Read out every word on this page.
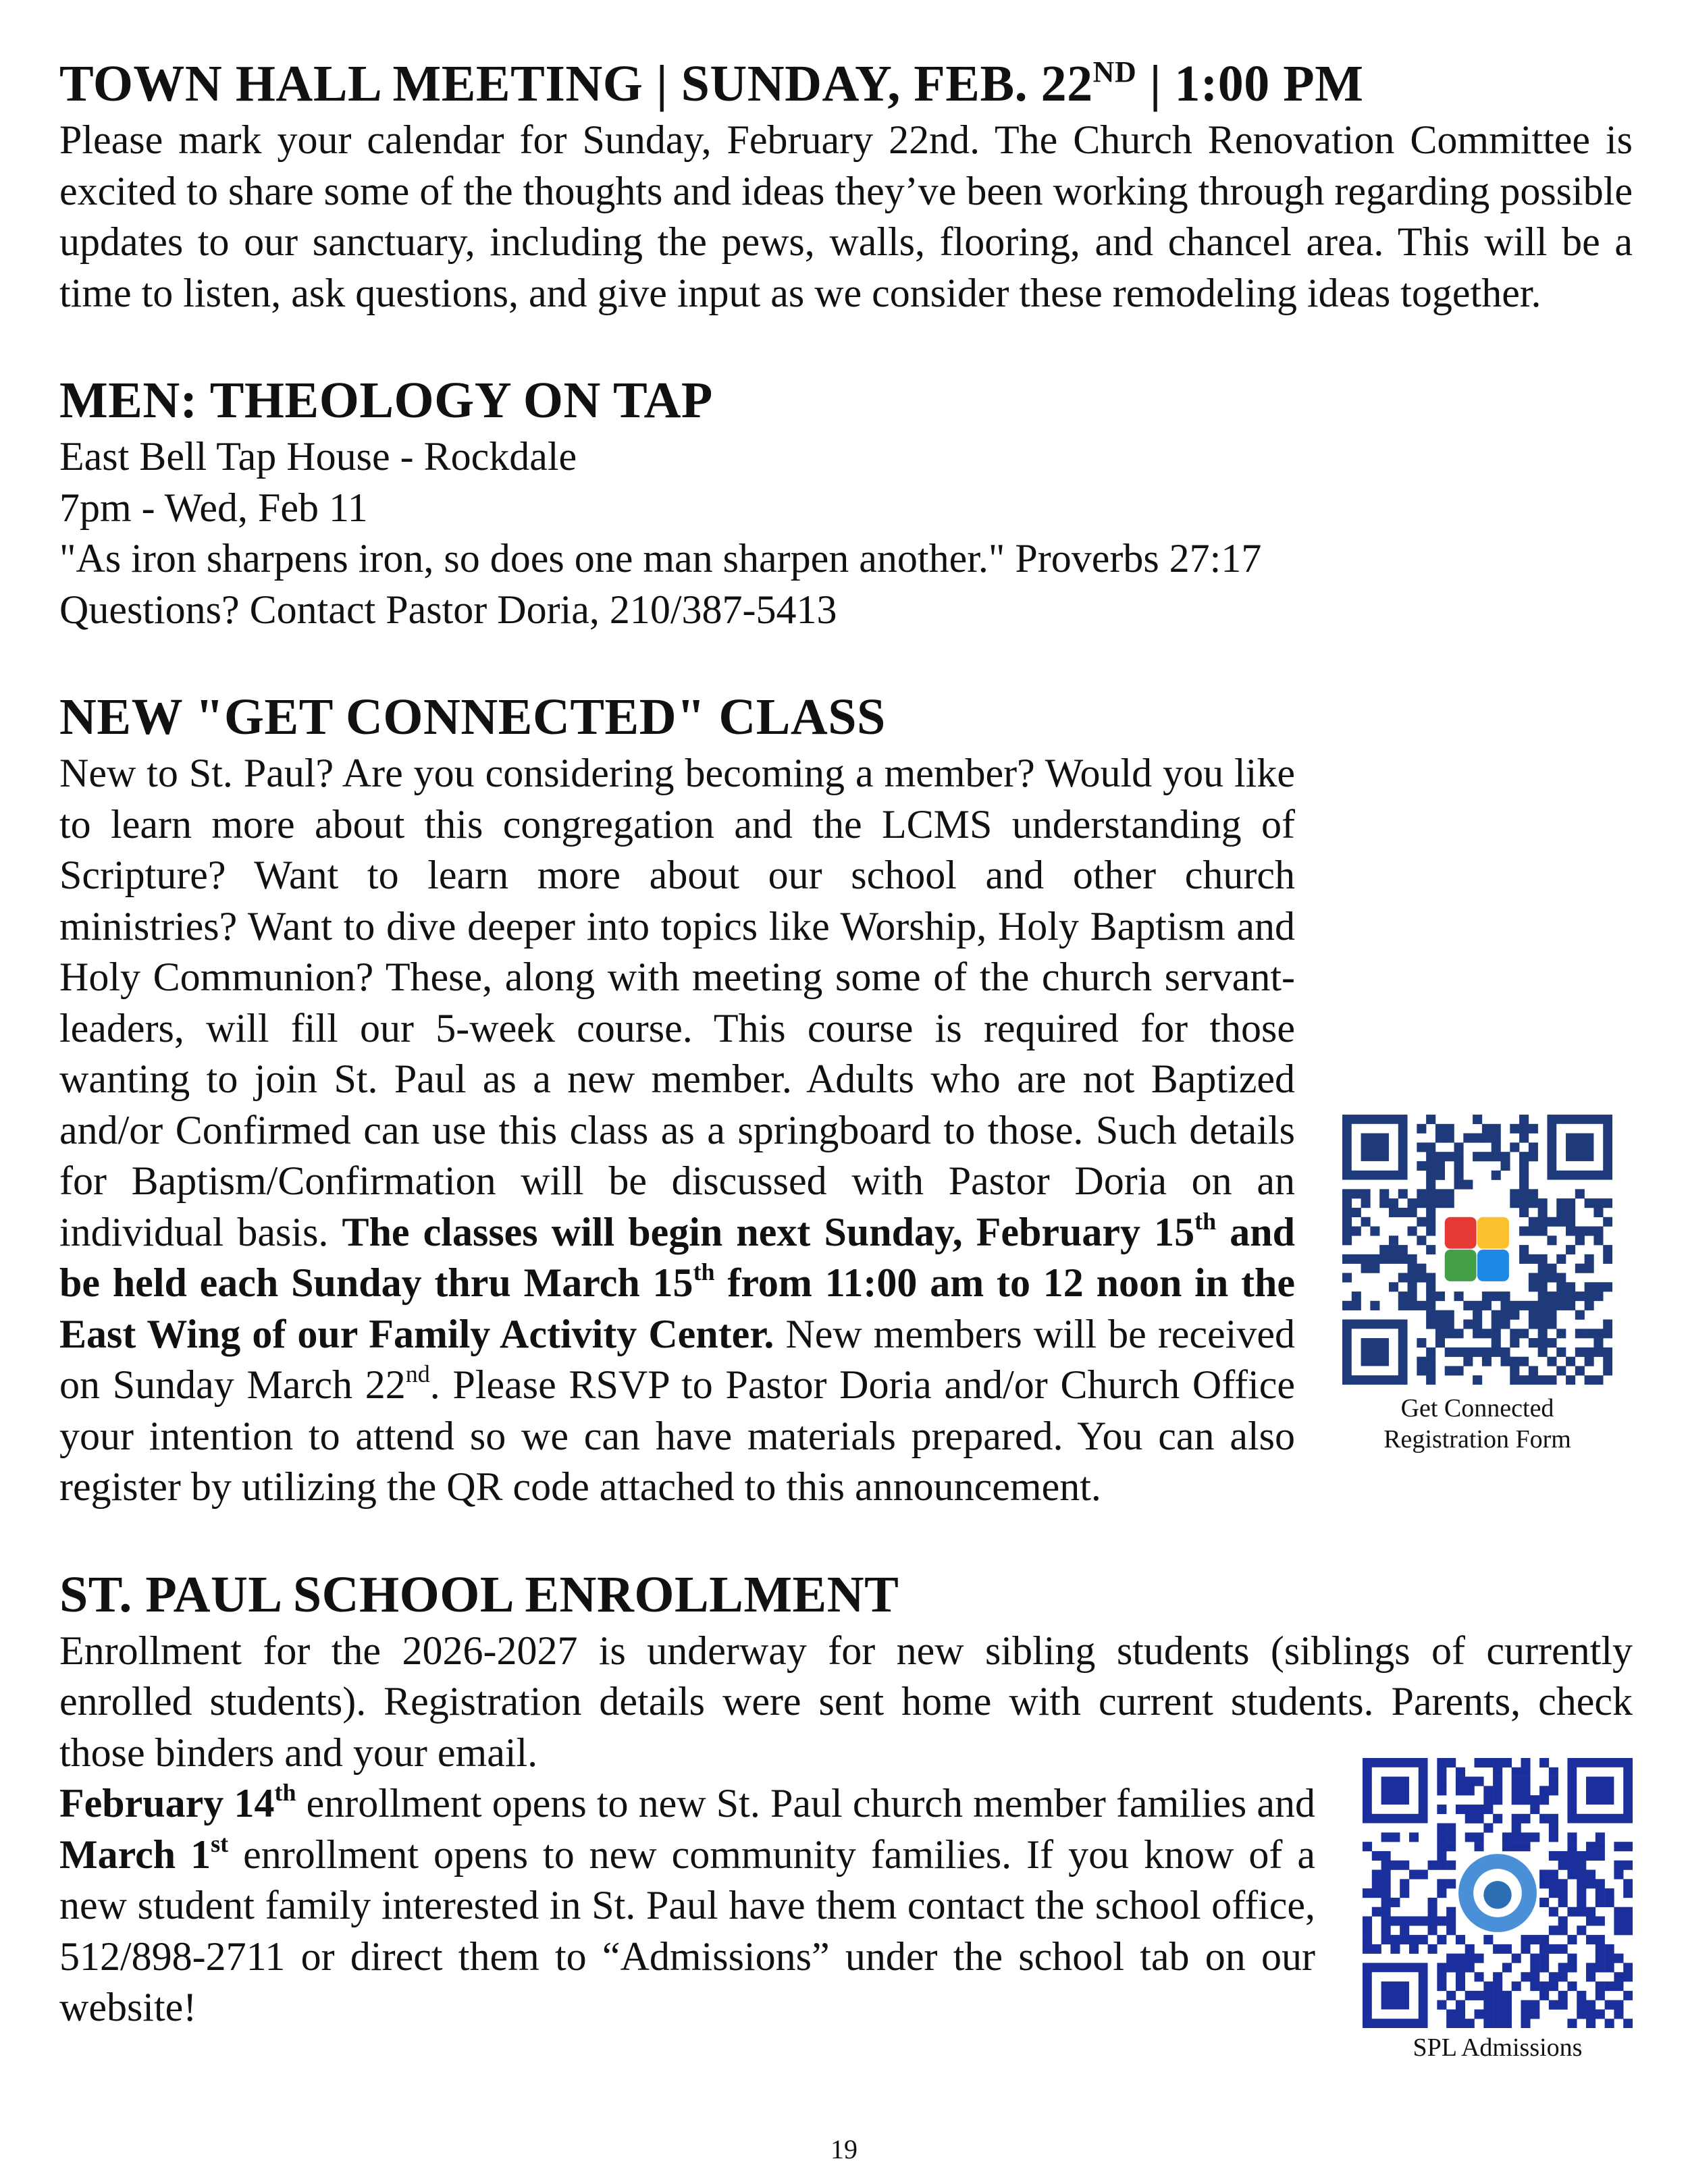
TOWN HALL MEETING | SUNDAY, FEB. 22ND | 1:00 PM

Please mark your calendar for Sunday, February 22nd. The Church Renovation Committee is excited to share some of the thoughts and ideas they’ve been working through regarding possible updates to our sanctuary, including the pews, walls, flooring, and chancel area. This will be a time to listen, ask questions, and give input as we consider these remodeling ideas together.

MEN: THEOLOGY ON TAP

East Bell Tap House - Rockdale

7pm - Wed, Feb 11

"As iron sharpens iron, so does one man sharpen another." Proverbs 27:17

Questions? Contact Pastor Doria, 210/387-5413

NEW "GET CONNECTED" CLASS

Get Connected

Registration Form

New to St. Paul? Are you considering becoming a member? Would you like to learn more about this congregation and the LCMS understanding of Scripture? Want to learn more about our school and other church ministries? Want to dive deeper into topics like Worship, Holy Baptism and Holy Communion? These, along with meeting some of the church servant-leaders, will fill our 5-week course. This course is required for those wanting to join St. Paul as a new member. Adults who are not Baptized and/or Confirmed can use this class as a springboard to those. Such details for Baptism/Confirmation will be discussed with Pastor Doria on an individual basis. The classes will begin next Sunday, February 15th and be held each Sunday thru March 15th from 11:00 am to 12 noon in the East Wing of our Family Activity Center. New members will be received on Sunday March 22nd. Please RSVP to Pastor Doria and/or Church Office your intention to attend so we can have materials prepared. You can also register by utilizing the QR code attached to this announcement.

ST. PAUL SCHOOL ENROLLMENT

Enrollment for the 2026-2027 is underway for new sibling students (siblings of currently enrolled students). Registration details were sent home with current students. Parents, check those binders and your email.

SPL Admissions

February 14th enrollment opens to new St. Paul church member families and March 1st enrollment opens to new community families. If you know of a new student family interested in St. Paul have them contact the school office, 512/898-2711 or direct them to “Admissions” under the school tab on our website!

19
